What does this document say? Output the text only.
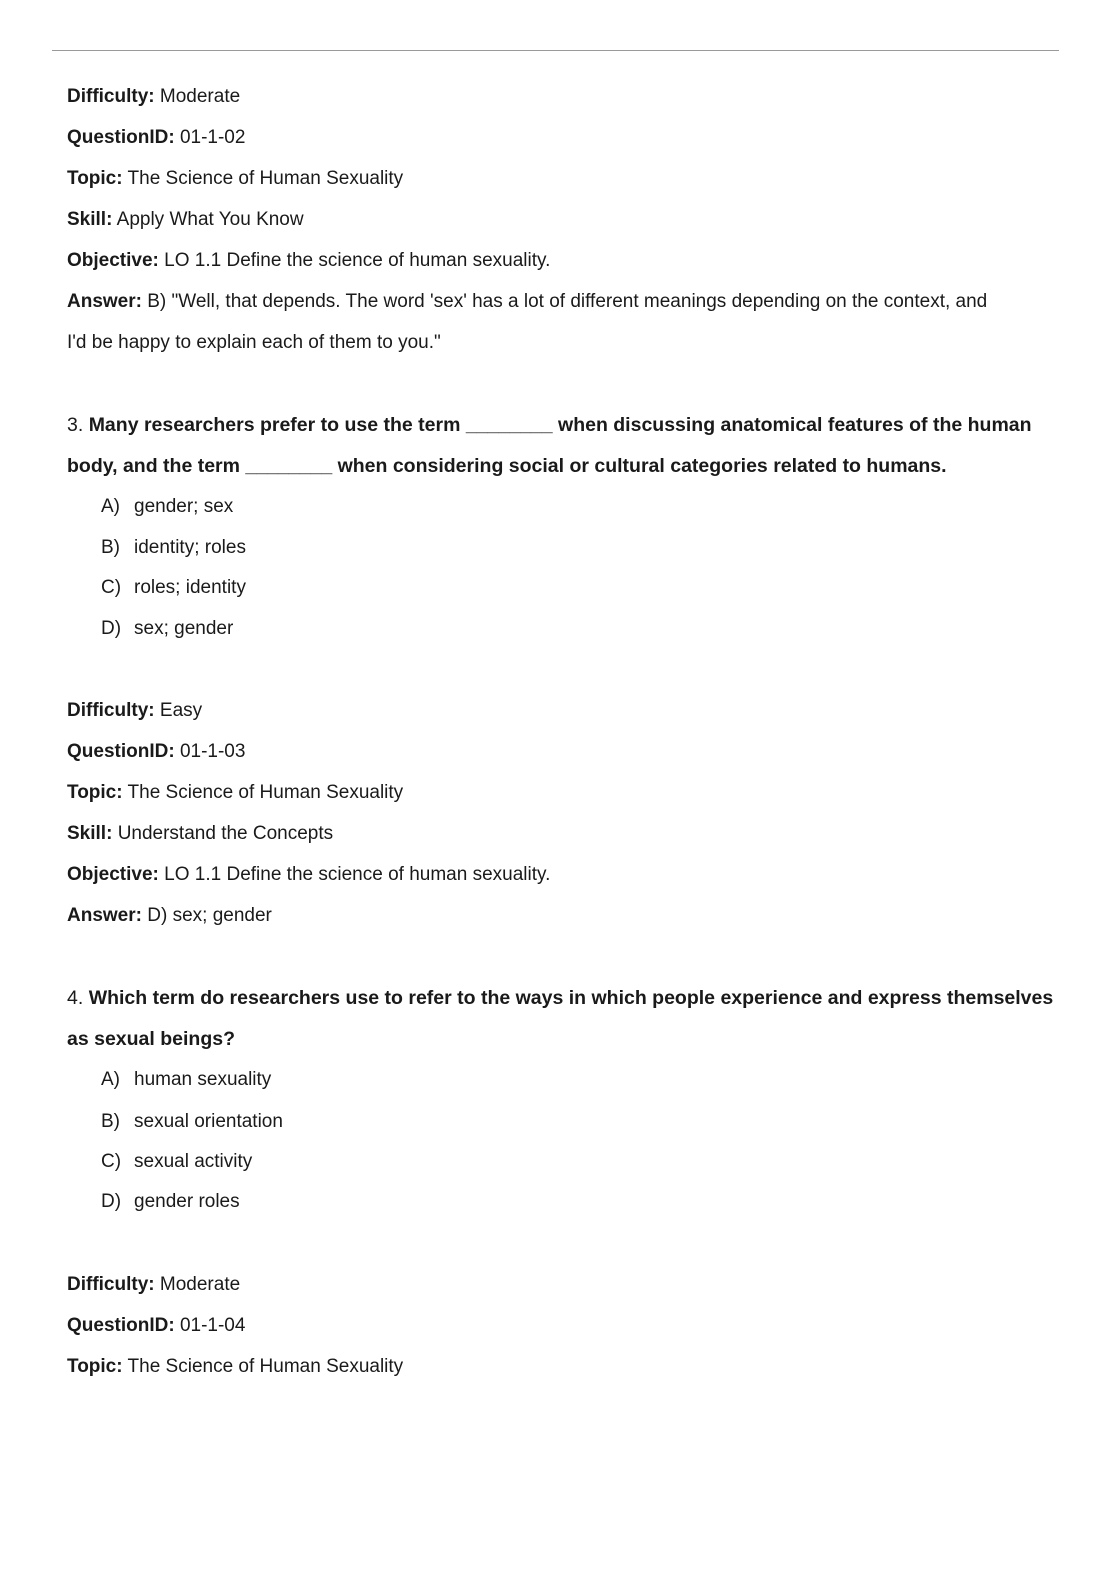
Difficulty: Moderate
QuestionID: 01-1-02
Topic: The Science of Human Sexuality
Skill: Apply What You Know
Objective: LO 1.1 Define the science of human sexuality.
Answer: B) "Well, that depends. The word 'sex' has a lot of different meanings depending on the context, and
I'd be happy to explain each of them to you."
3. Many researchers prefer to use the term ________ when discussing anatomical features of the human
body, and the term ________ when considering social or cultural categories related to humans.
A) gender; sex
B) identity; roles
C) roles; identity
D) sex; gender
Difficulty: Easy
QuestionID: 01-1-03
Topic: The Science of Human Sexuality
Skill: Understand the Concepts
Objective: LO 1.1 Define the science of human sexuality.
Answer: D) sex; gender
4. Which term do researchers use to refer to the ways in which people experience and express themselves
as sexual beings?
A) human sexuality
B) sexual orientation
C) sexual activity
D) gender roles
Difficulty: Moderate
QuestionID: 01-1-04
Topic: The Science of Human Sexuality
